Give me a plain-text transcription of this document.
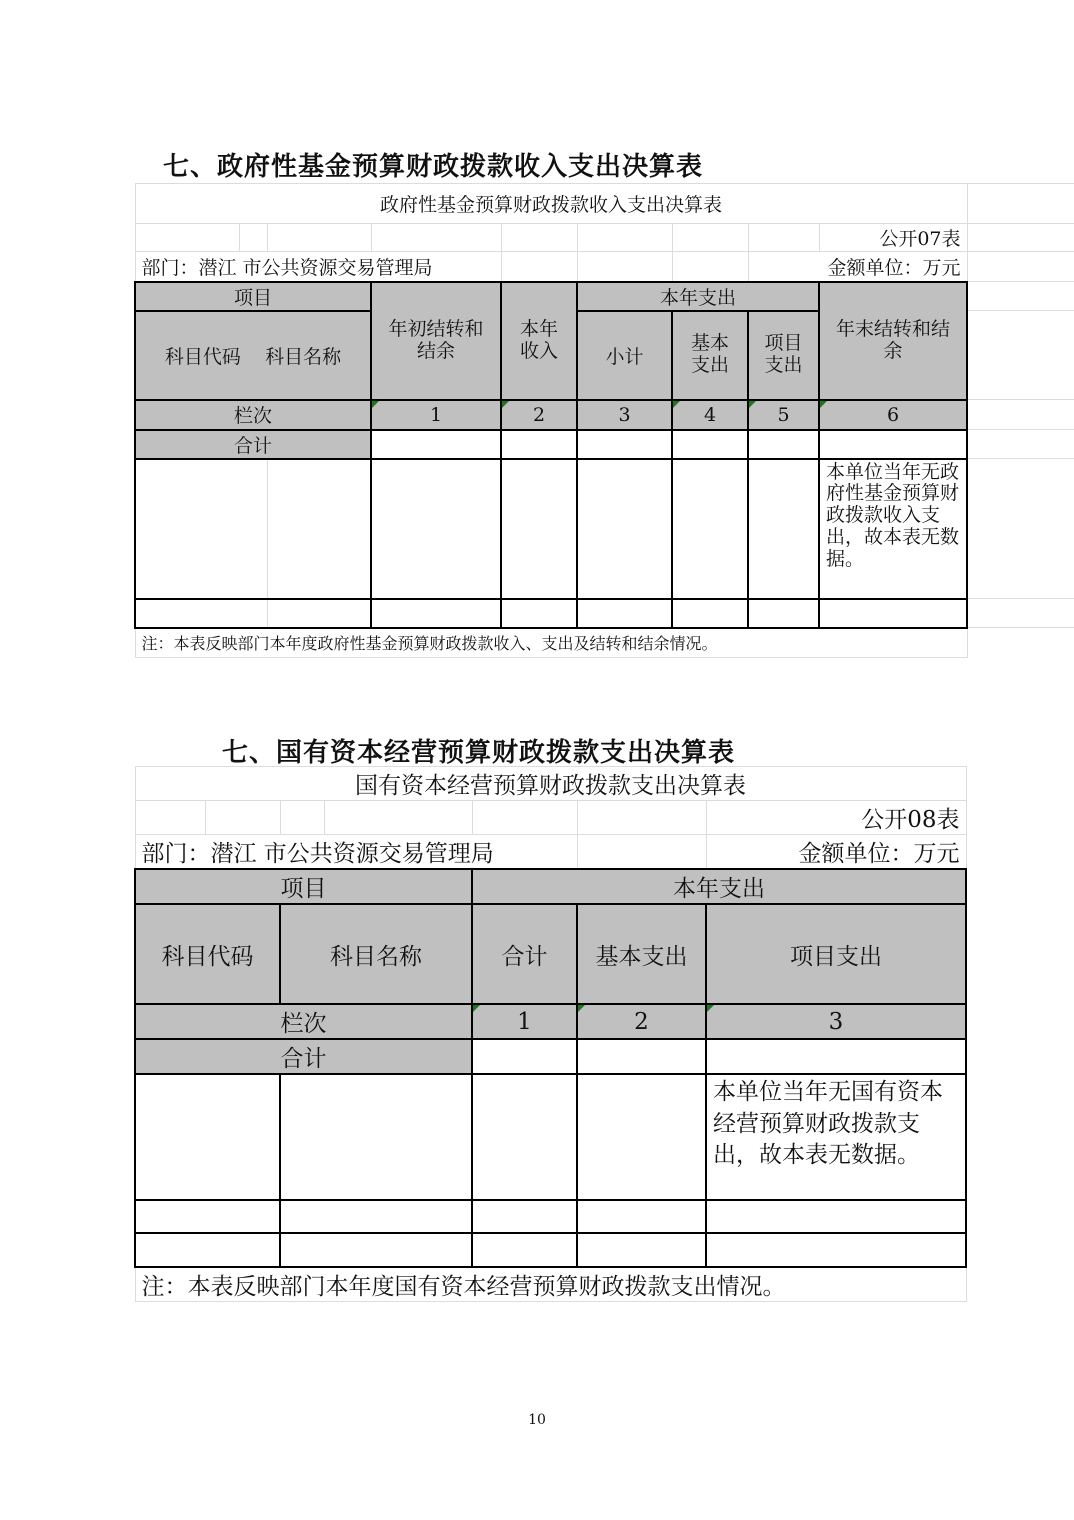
七、政府性基金预算财政拨款收入支出决算表
政府性基金预算财政拨款收入支出决算表									
								公开07表	
部门：潜江 市公共资源交易管理局							金额单位：万元		
项目			年初结转和结余	本年收入	本年支出			年末结转和结余	
科目代码 科目名称					小计	基本支出	项目支出		
栏次			1	2	3	4	5	6	
合计									
								本单位当年无政府性基金预算财政拨款收入支出，故本表无数据。	

注：本表反映部门本年度政府性基金预算财政拨款收入、支出及结转和结余情况。									
七、国有资本经营预算财政拨款支出决算表
国有资本经营预算财政拨款支出决算表						
						公开08表
部门：潜江 市公共资源交易管理局						金额单位：万元
项目				本年支出		
科目代码		科目名称		合计	基本支出	项目支出
栏次				1	2	3
合计						
						本单位当年无国有资本经营预算财政拨款支出，故本表无数据。

注：本表反映部门本年度国有资本经营预算财政拨款支出情况。						
10
